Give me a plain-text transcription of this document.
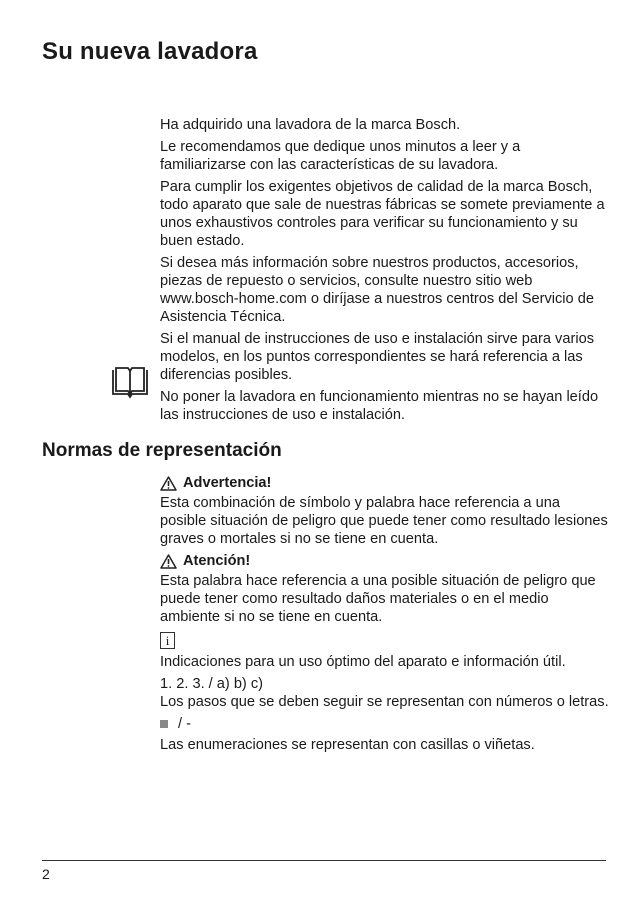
Su nueva lavadora

Ha adquirido una lavadora de la marca Bosch.

Le recomendamos que dedique unos minutos a leer y a familiarizarse con las características de su lavadora.

Para cumplir los exigentes objetivos de calidad de la marca Bosch, todo aparato que sale de nuestras fábricas se somete previamente a unos exhaustivos controles para verificar su funcionamiento y su buen estado.

Si desea más información sobre nuestros productos, accesorios, piezas de repuesto o servicios, consulte nuestro sitio web www.bosch-home.com o diríjase a nuestros centros del Servicio de Asistencia Técnica.

Si el manual de instrucciones de uso e instalación sirve para varios modelos, en los puntos correspondientes se hará referencia a las diferencias posibles.

No poner la lavadora en funcionamiento mientras no se hayan leído las instrucciones de uso e instalación.

Normas de representación
Advertencia!

Esta combinación de símbolo y palabra hace referencia a una posible situación de peligro que puede tener como resultado lesiones graves o mortales si no se tiene en cuenta.

Atención!

Esta palabra hace referencia a una posible situación de peligro que puede tener como resultado daños materiales o en el medio ambiente si no se tiene en cuenta.

i

Indicaciones para un uso óptimo del aparato e información útil.

1. 2. 3. / a) b) c)

Los pasos que se deben seguir se representan con números o letras.

/ -

Las enumeraciones se representan con casillas o viñetas.

2
